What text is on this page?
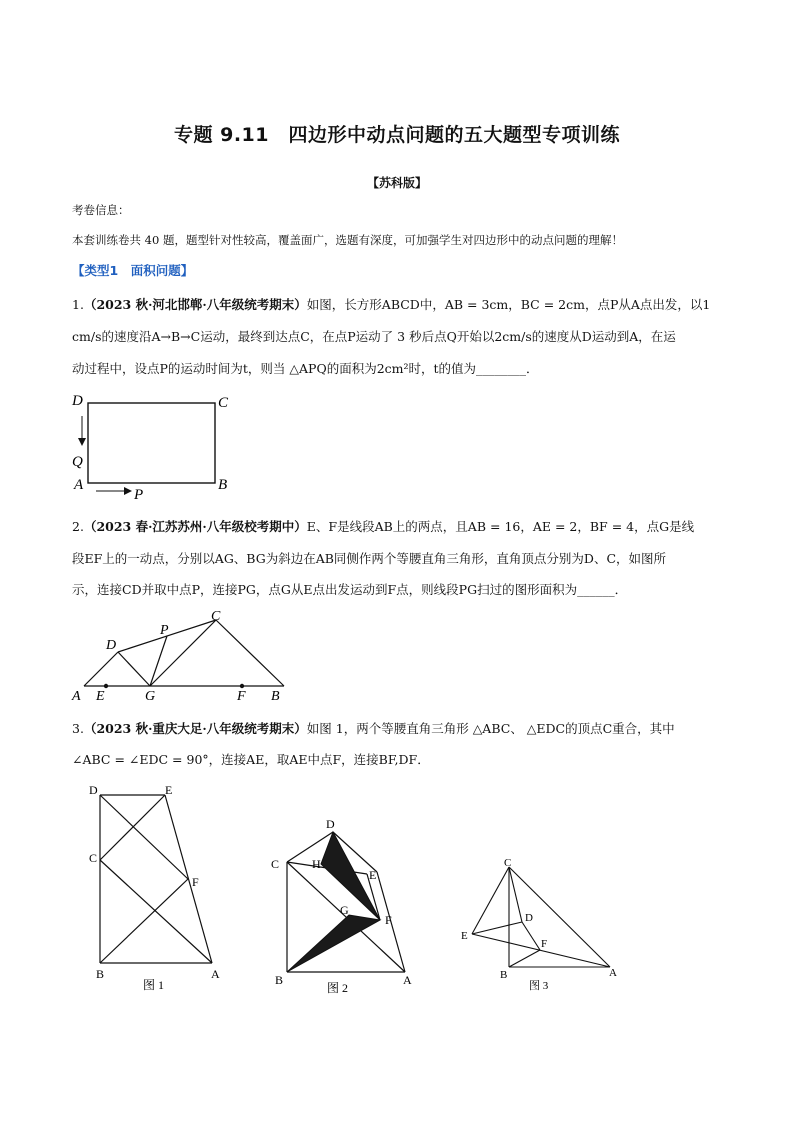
专题 9.11　四边形中动点问题的五大题型专项训练
【苏科版】
考卷信息：
本套训练卷共 40 题，题型针对性较高，覆盖面广，选题有深度，可加强学生对四边形中的动点问题的理解！
【类型1　面积问题】
1.（2023 秋·河北邯郸·八年级统考期末）如图，长方形ABCD中，AB = 3cm，BC = 2cm，点P从A点出发，以1
cm/s的速度沿A→B→C运动，最终到达点C，在点P运动了 3 秒后点Q开始以2cm/s的速度从D运动到A，在运
动过程中，设点P的运动时间为t，则当 △APQ的面积为2cm²时，t的值为________．
D	C
Q
A	B
P
2.（2023 春·江苏苏州·八年级校考期中）E、F是线段AB上的两点，且AB = 16，AE = 2，BF = 4，点G是线
段EF上的一动点，分别以AG、BG为斜边在AB同侧作两个等腰直角三角形，直角顶点分别为D、C，如图所
示，连接CD并取中点P，连接PG，点G从E点出发运动到F点，则线段PG扫过的图形面积为______．
D
P
C
A E	G	F B
3.（2023 秋·重庆大足·八年级统考期末）如图 1，两个等腰直角三角形 △ABC、 △EDC的顶点C重合，其中
∠ABC = ∠EDC = 90°，连接AE，取AE中点F，连接BF,DF．
D	E
C
F
B	A
图 1
D
H
C
E
G
F
B	A
图 2
C
D
E
F
B	A
图 3
